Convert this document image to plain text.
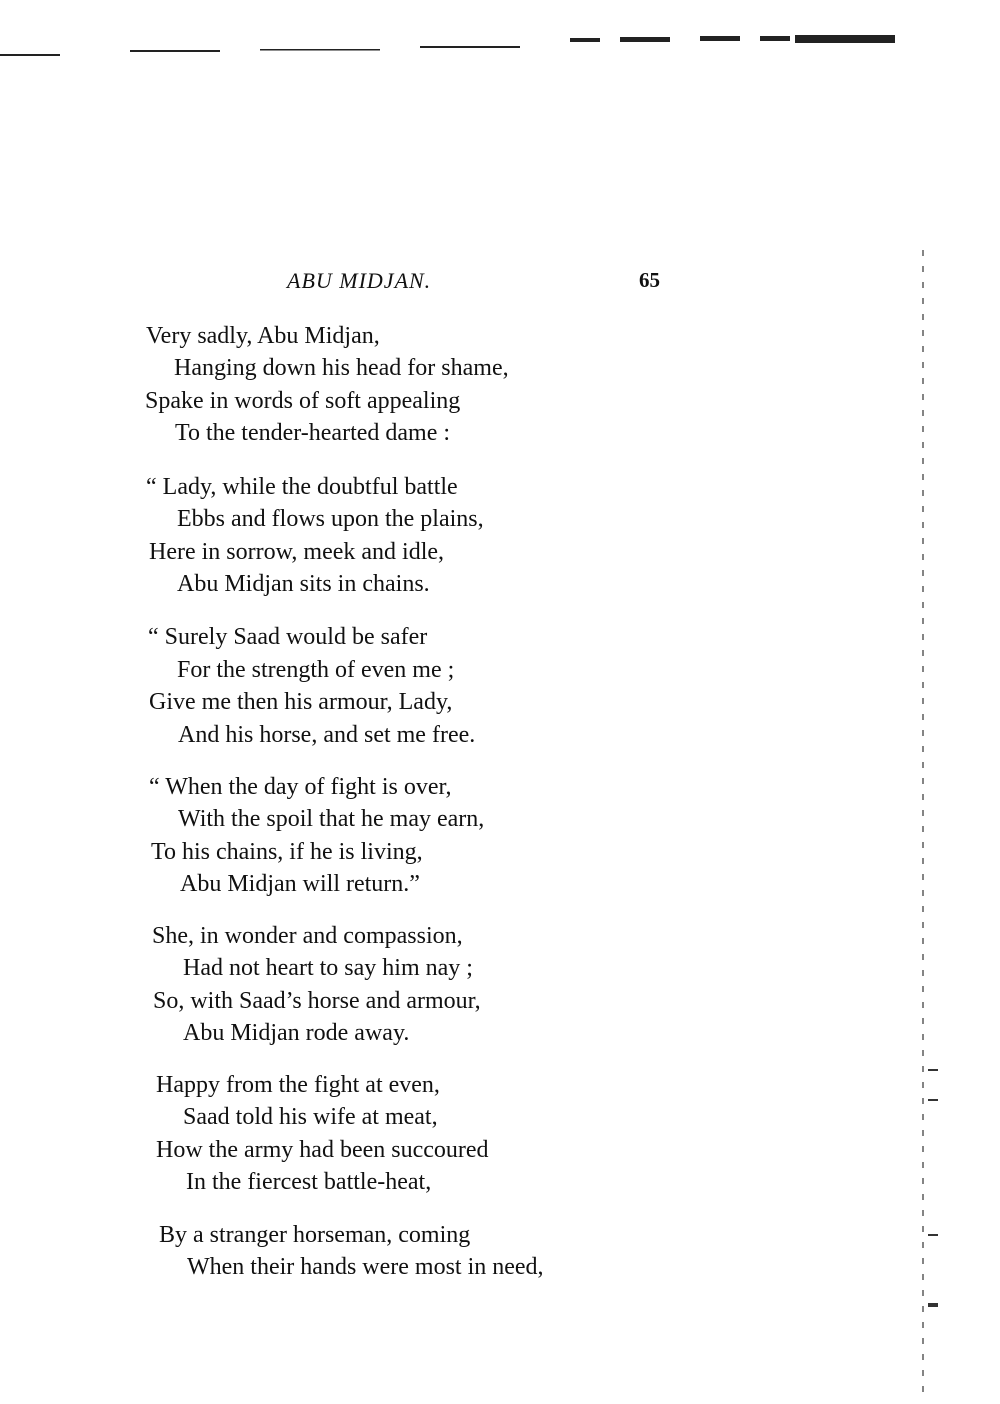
ABU MIDJAN.	65
Very sadly, Abu Midjan,
Hanging down his head for shame,
Spake in words of soft appealing
To the tender-hearted dame :
“ Lady, while the doubtful battle
Ebbs and flows upon the plains,
Here in sorrow, meek and idle,
Abu Midjan sits in chains.
“ Surely Saad would be safer
For the strength of even me ;
Give me then his armour, Lady,
And his horse, and set me free.
“ When the day of fight is over,
With the spoil that he may earn,
To his chains, if he is living,
Abu Midjan will return.”
She, in wonder and compassion,
Had not heart to say him nay ;
So, with Saad’s horse and armour,
Abu Midjan rode away.
Happy from the fight at even,
Saad told his wife at meat,
How the army had been succoured
In the fiercest battle-heat,
By a stranger horseman, coming
When their hands were most in need,
